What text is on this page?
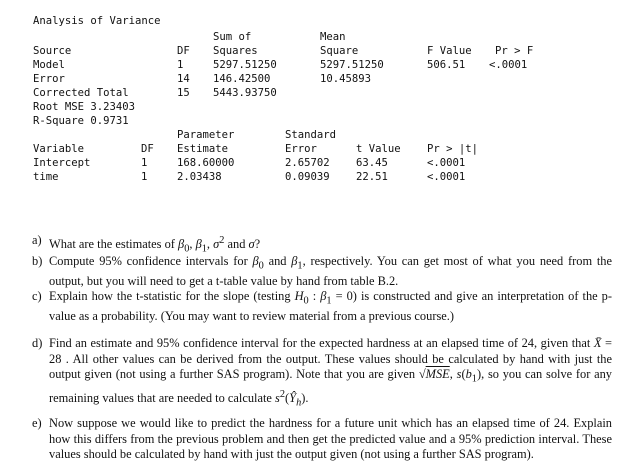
Analysis of Variance
Sum of	Mean
Source	DF Squares	Square	F Value Pr > F
Model	1	5297.51250	5297.51250	506.51 <.0001
Error	14 146.42500	10.45893
Corrected Total	15 5443.93750
Root MSE 3.23403
R-Square 0.9731
Parameter	Standard
Variable	DF Estimate	Error	t Value Pr > |t|
Intercept	1	168.60000	2.65702 63.45	<.0001
time	1	2.03438	0.09039 22.51	<.0001
a) What are the estimates of $\beta_0$, $\beta_1$, $\sigma^2$ and σ?
b) Compute 95% confidence intervals for $\beta_0$ and $\beta_1$, respectively. You can get most of what you need from the output, but you will need to get a t-table value by hand from table B.2.
c) Explain how the t-statistic for the slope (testing $H_0$ : $\beta_1 = 0$) is constructed and give an interpretation of the p-value as a probability. (You may want to review material from a previous course.)
d) Find an estimate and 95% confidence interval for the expected hardness at an elapsed time of 24, given that X̄ = 28 . All other values can be derived from the output. These values should be calculated by hand with just the output given (not using a further SAS program). Note that you are given √MSE, $s(b_1)$, so you can solve for any remaining values that are needed to calculate $s^2(Ŷ_h)$.
e) Now suppose we would like to predict the hardness for a future unit which has an elapsed time of 24. Explain how this differs from the previous problem and then get the predicted value and a 95% prediction interval. These values should be calculated by hand with just the output given (not using a further SAS program).
